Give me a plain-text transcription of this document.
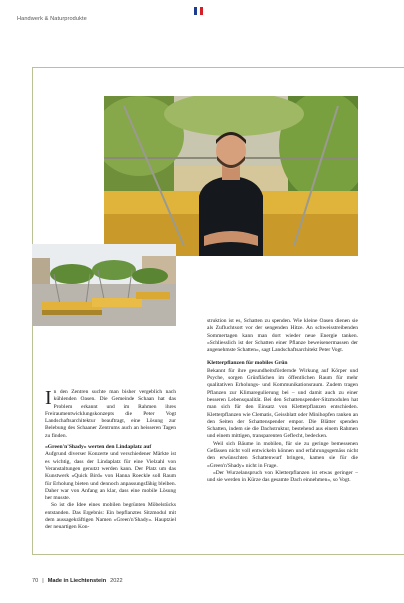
Handwerk & Naturprodukte
I n den Zentren suchte man bisher vergeblich nach kühlenden Oasen. Die Gemeinde Schaan hat das Problem erkannt und im Rahmen ihres Freiraumentwicklungskonzepts die Peter Vogt Landschaftsarchitektur beauftragt, eine Lösung zur Belebung des Schaaner Zentrums auch an heisseren Tagen zu finden.

«Green'n'Shady» werten den Lindaplatz auf

Aufgrund diverser Konzerte und verschiedener Märkte ist es wichtig, dass der Lindaplatz für eine Vielzahl von Veranstaltungen genutzt werden kann. Der Platz um das Kunstwerk «Quick Bird» von Hanna Roeckle soll Raum für Erholung bieten und dennoch anpassungsfähig bleiben. Daher war von Anfang an klar, dass eine mobile Lösung her musste.

So ist die Idee eines mobilen begrünten Möbelstücks entstanden. Das Ergebnis: Ein bepflanztes Sitzmodul mit dem aussagekräftigen Namen «Green'n'Shady». Hauptziel der neuartigen Kon-

struktion ist es, Schatten zu spenden. Wie kleine Oasen dienen sie als Zufluchtsort vor der sengenden Hitze. An schweisstreibenden Sommertagen kann man dort wieder neue Energie tanken. «Schliesslich ist der Schatten einer Pflanze beweisenermassen der angenehmste Schatten», sagt Landschaftsarchitekt Peter Vogt.

Kletterpflanzen für mobiles Grün

Bekannt für ihre gesundheitsfördernde Wirkung auf Körper und Psyche, sorgen Grünflächen im öffentlichen Raum für mehr qualitativen Erholungs- und Kommunikationsraum. Zudem tragen Pflanzen zur Klimaregulierung bei – und damit auch zu einer besseren Lebensqualität. Bei den Schattenspender-Sitzmodulen hat man sich für den Einsatz von Kletterpflanzen entschieden. Kletterpflanzen wie Clematis, Geissblatt oder Minihopfen ranken an den Seiten der Schattenspender empor. Die Blätter spenden Schatten, indem sie die Dachstruktur, bestehend aus einem Rahmen und einem mittigen, transparenten Geflecht, bedecken.

Weil sich Bäume in mobilen, für sie zu geringe bemessenen Gefässen nicht voll entwickeln können und erfahrungsgemäss nicht den erwünschten Schattenwurf bringen, kamen sie für die «Green'n'Shady» nicht in Frage.

«Der Wurzelanspruch von Kletterpflanzen ist etwas geringer – und sie werden in Kürze das gesamte Dach einnehmen», so Vogt.

70 | Made in Liechtenstein 2022
